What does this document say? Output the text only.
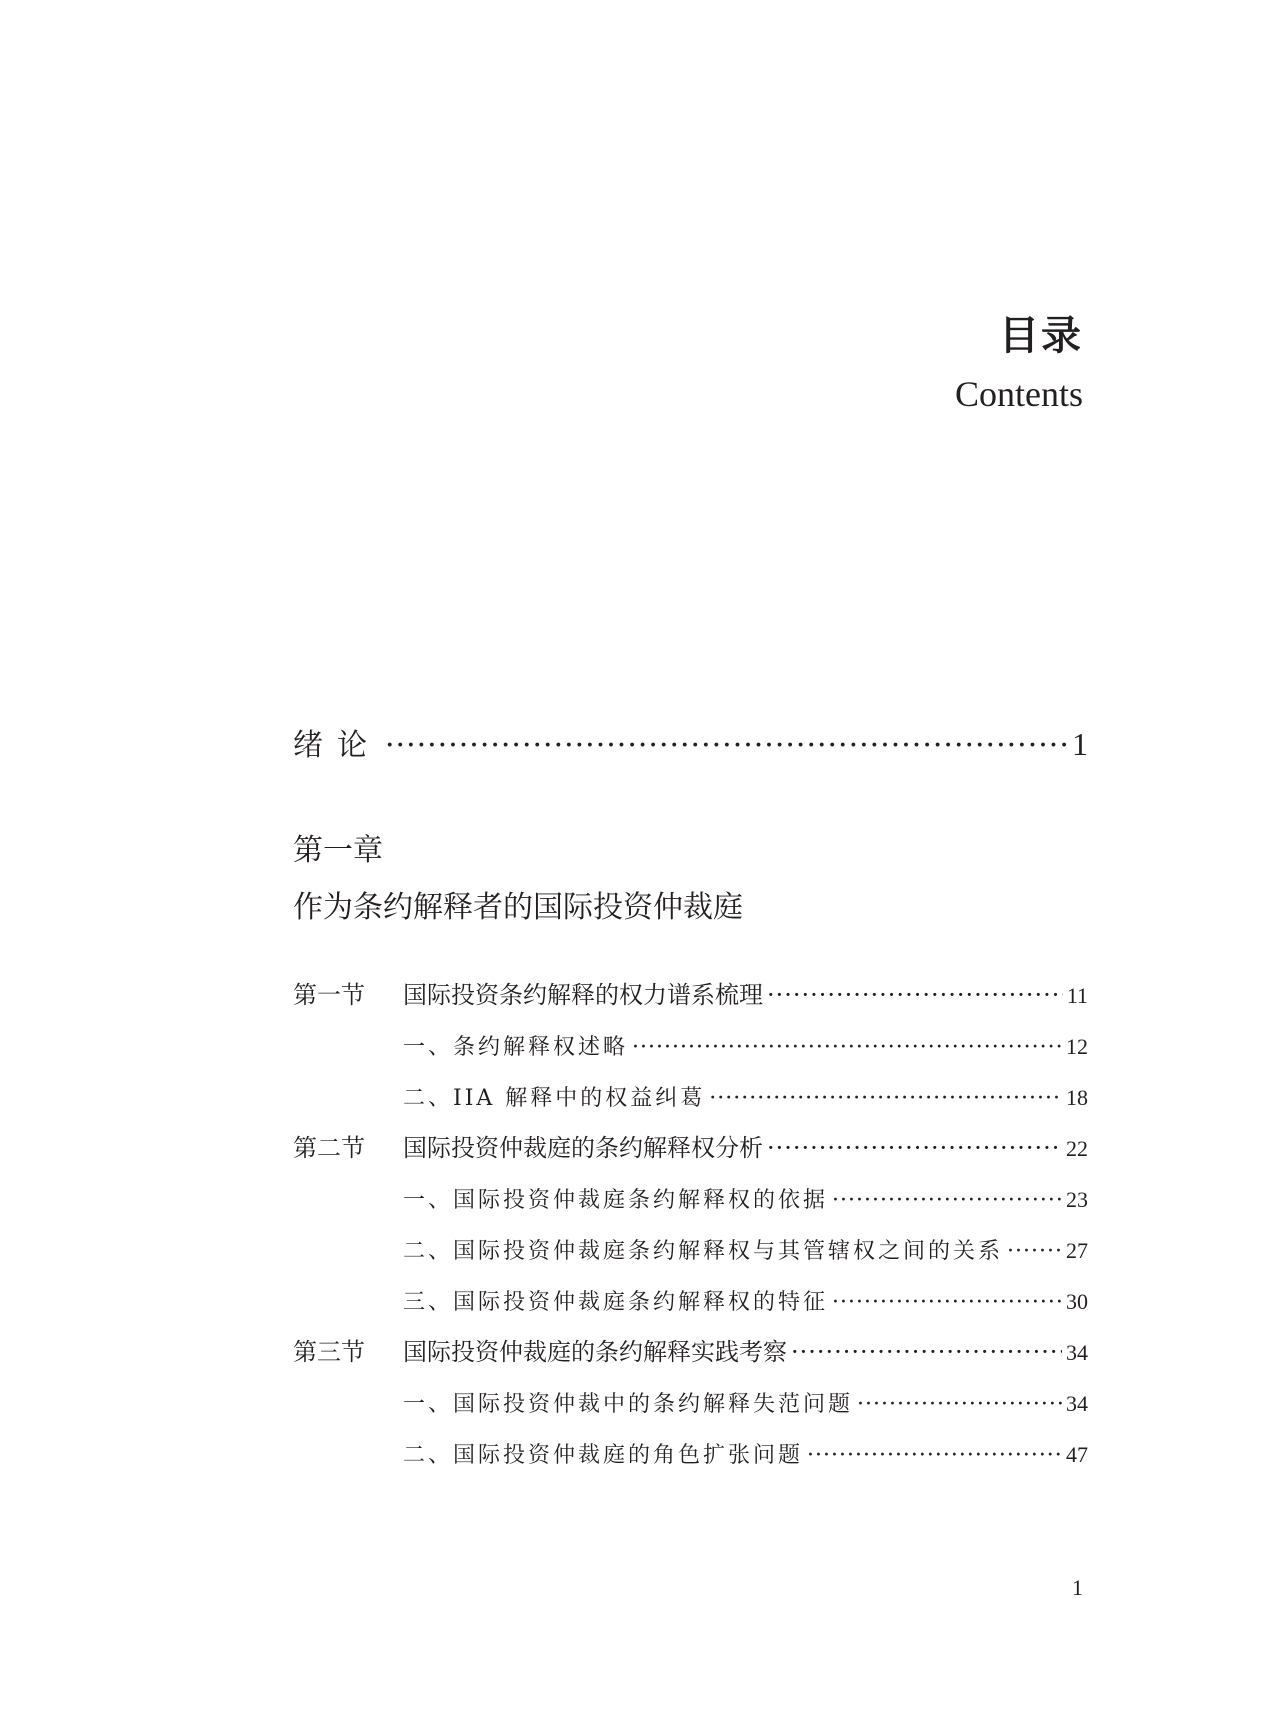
目录
Contents
绪论 ·····	1
第一章
作为条约解释者的国际投资仲裁庭
第一节	国际投资条约解释的权力谱系梳理 ·····	11
一、条约解释权述略 ·····	12
二、IIA 解释中的权益纠葛 ·····	18
第二节	国际投资仲裁庭的条约解释权分析 ·····	22
一、国际投资仲裁庭条约解释权的依据 ·····	23
二、国际投资仲裁庭条约解释权与其管辖权之间的关系 ·····	27
三、国际投资仲裁庭条约解释权的特征 ·····	30
第三节	国际投资仲裁庭的条约解释实践考察 ·····	34
一、国际投资仲裁中的条约解释失范问题 ·····	34
二、国际投资仲裁庭的角色扩张问题 ·····	47
1
